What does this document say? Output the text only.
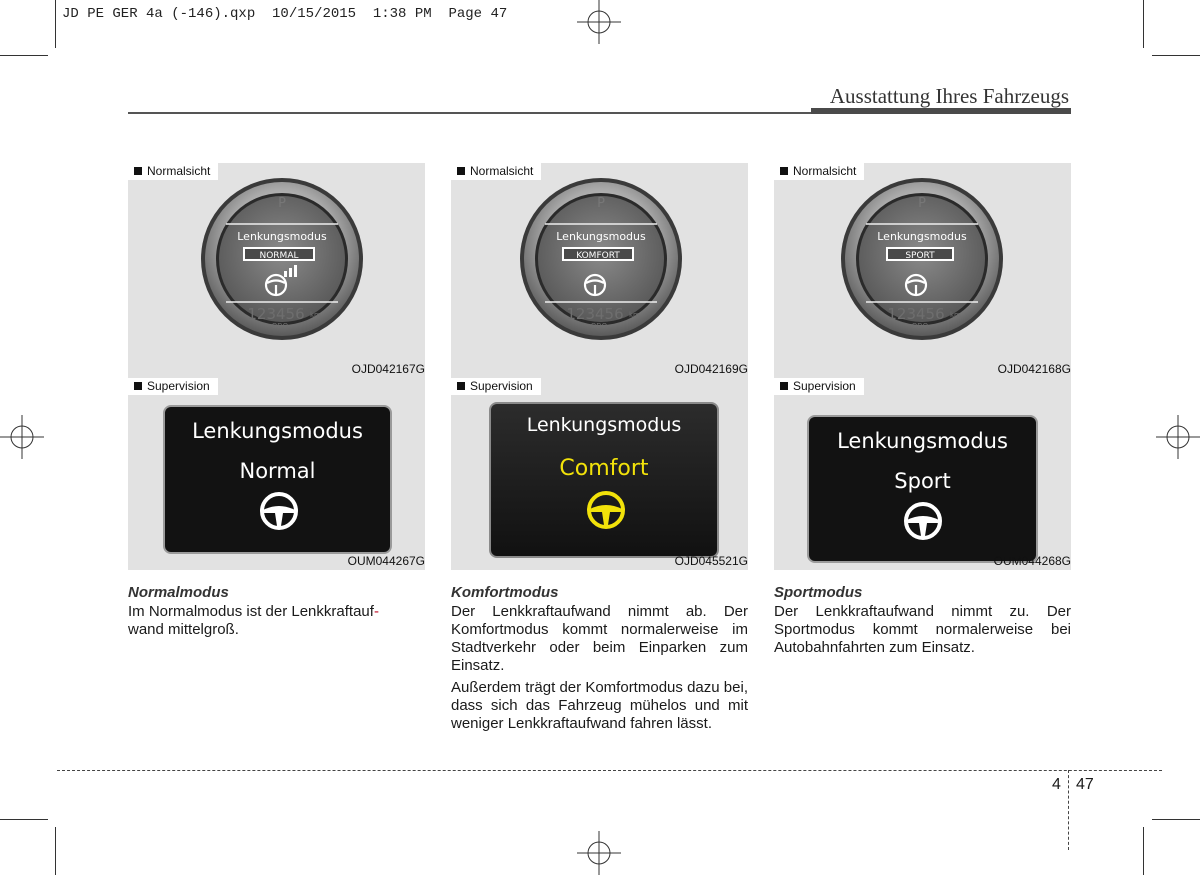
JD PE GER 4a (-146).qxp  10/15/2015  1:38 PM  Page 47
Ausstattung Ihres Fahrzeugs
Normalsicht
P
Lenkungsmodus
NORMAL
123456 km
ODO
OJD042167G
Supervision
Lenkungsmodus
Normal
OUM044267G

Normalmodus

Im Normalmodus ist der Lenkkraftauf-
wand mittelgroß.

Normalsicht
P
Lenkungsmodus
KOMFORT
123456 km
ODO
OJD042169G
Supervision
Lenkungsmodus
Comfort
OJD045521G

Komfortmodus

Der Lenkkraftaufwand nimmt ab. Der Komfortmodus kommt normalerweise im Stadtverkehr oder beim Einparken zum Einsatz.

Außerdem trägt der Komfortmodus dazu bei, dass sich das Fahrzeug mühelos und mit weniger Lenkkraftaufwand fahren lässt.

Normalsicht
P
Lenkungsmodus
SPORT
123456 km
ODO
OJD042168G
Supervision
Lenkungsmodus
Sport
OUM044268G

Sportmodus

Der Lenkkraftaufwand nimmt zu. Der Sportmodus kommt normalerweise bei Autobahnfahrten zum Einsatz.

4 47
